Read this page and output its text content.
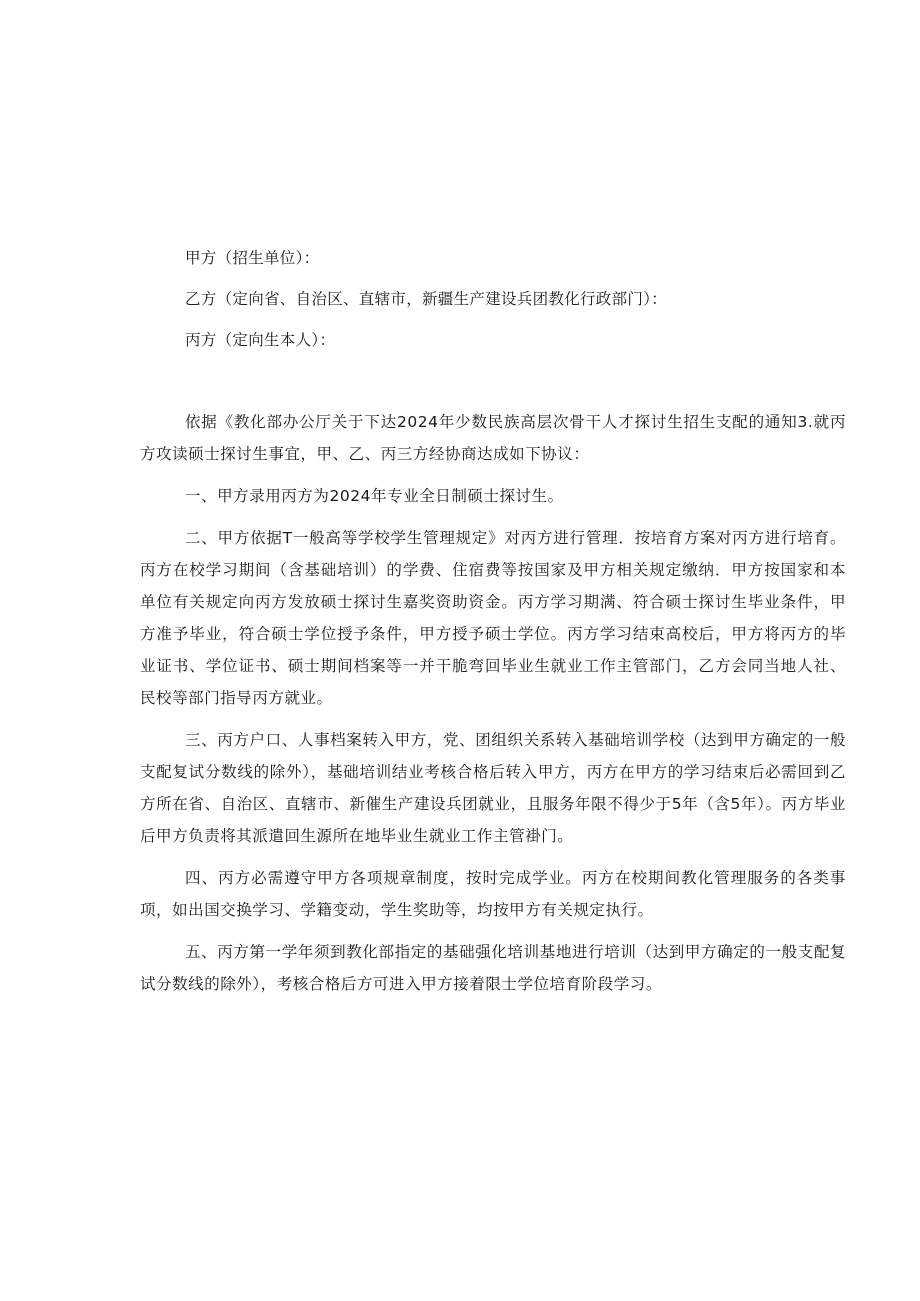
甲方（招生单位）：
乙方（定向省、自治区、直辖市，新疆生产建设兵团教化行政部门）：
丙方（定向生本人）：

依据《教化部办公厅关于下达2024年少数民族高层次骨干人才探讨生招生支配的通知3.就丙方攻读硕士探讨生事宜，甲、乙、丙三方经协商达成如下协议：

一、甲方录用丙方为2024年专业全日制硕士探讨生。

二、甲方依据T一般高等学校学生管理规定》对丙方进行管理．按培育方案对丙方进行培育。丙方在校学习期间（含基础培训）的学费、住宿费等按国家及甲方相关规定缴纳．甲方按国家和本单位有关规定向丙方发放硕士探讨生嘉奖资助资金。丙方学习期满、符合硕士探讨生毕业条件，甲方准予毕业，符合硕士学位授予条件，甲方授予硕士学位。丙方学习结束高校后，甲方将丙方的毕业证书、学位证书、硕士期间档案等一并干脆弯回毕业生就业工作主管部门，乙方会同当地人社、民校等部门指导丙方就业。

三、丙方户口、人事档案转入甲方，党、团组织关系转入基础培训学校（达到甲方确定的一般支配复试分数线的除外），基础培训结业考核合格后转入甲方，丙方在甲方的学习结束后必需回到乙方所在省、自治区、直辖市、新催生产建设兵团就业，且服务年限不得少于5年（含5年）。丙方毕业后甲方负责将其派遣回生源所在地毕业生就业工作主管褂门。

四、丙方必需遵守甲方各项规章制度，按时完成学业。丙方在校期间教化管理服务的各类事项，如出国交换学习、学籍变动，学生奖助等，均按甲方有关规定执行。

五、丙方第一学年须到教化部指定的基础强化培训基地进行培训（达到甲方确定的一般支配复试分数线的除外），考核合格后方可进入甲方接着限士学位培育阶段学习。
